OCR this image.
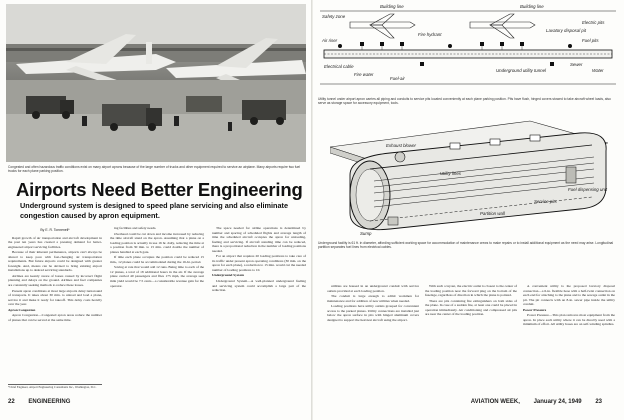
Congested and often hazardous traffic conditions exist on many airport aprons because of the large number of trucks and other equipment required to service an airplane. Many airports require two fuel trucks for each plane parking position.
Airports Need Better Engineering
Underground system is designed to speed plane servicing and also eliminate congestion caused by apron equipment.

By E. R. Tonnenell*

Rapid growth of air transportation and aircraft development in the past ten years has created a pressing demand for better-engineered airport servicing facilities.

Because of their inherent permanence, airports can't always be altered to keep pace with fast-changing air transportation requirements. But future airports could be designed with greater foresight. And, means can be devised to bring existing airport installations up to desired servicing standards.

Airlines are keenly aware of losses caused by incorrect flight planning and delays on the ground. Airlines and fuel companies are constantly seeking methods to reduce these losses.

Present apron conditions at most large airports delay turnaround of transports. It takes about 30 min. to unload and load a plane, service it and make it ready for takeoff. This delay costs heavily over the year.

Apron Congestion

Apron Congestion—Congested apron areas reduce the number of planes that can be served at the same time.

*Chief Engineer, Airport Engineering Consultants Inc., Washington, D.C.

ing facilities and safety needs.

Overhead could be cut down and income increased by reducing the time aircraft stand on the apron. Assuming that a plane on a loading position is actually in use 16 hr. daily, reducing the time at a position from 30 min. to 15 min. could double the number of planes handled at each gate.

If time each plane occupies the position could be reduced 15 min., 12 planes could be accommodated during the 16-hr. period.

Saving at rate that would add 12 runs. Being time to each of the 12 planes, a total of 18 additional hours in the air. If the average plane carried 40 passengers and flies 175 mph, the average seat mile yield would be 7.5 cents—a considerable revenue gain for the operator.

The space needed for airline operations is determined by number and spacing of scheduled flights and average length of time the scheduled aircraft occupies the apron for unloading, fueling and servicing. If aircraft standing time can be reduced, there is a proportional reduction in the number of loading positions needed.

For an airport that requires 20 loading positions to take care of its traffic under present apron operating conditions (30 min. on the apron for each plane), a reduction to 15 min. would cut the needed number of loading positions to 10.

Underground System

Underground System—A well-planned underground fueling and servicing system could accomplish a large part of the reduction.

22 ENGINEERING
Building line	Building line
Safety zone
Fire hydrant
Lavatory disposal pit
Electric pits
Fuel pits
Air riser
Sewer
Water
Underground utility tunnel
Electrical cable
Fire water
Fuel-air
Utility tunnel under airport apron carries all piping and conduits to service pits located conveniently at each plane parking position. Pits have flush, hinged covers stowed to take aircraft wheel loads, also serve as storage space for accessory equipment, tools.
Exhaust blower
Utility lines
Sump
Partition wall
Service pits
Fuel dispensing unit
Underground facility is 61 ft. in diameter, affording sufficient working space for accommodation of maintenance crews to make repairs or to install additional equipment as the need may arise. Longitudinal partition separates fuel lines from electrical cables.

utilities are housed in an underground conduit with service outlets provided at each loading position.

The conduit is large enough to admit workmen for maintenance and for addition of new utilities when needed.

Loading positions have utility outlets grouped for convenient access to the parked planes. Utility connections are installed just below the apron surface in pits with hinged aluminum covers designed to support the heaviest aircraft using the airport.

With such a layout, the electric outlet is closest to the center of the loading position near the forward plug on the bottom of the fuselage, regardless of direction in which the plane is pointed.

There are pits containing fire extinguishers on both sides of the plane. In case of a sudden fire, at least one could be placed in operation immediately. Air conditioning and compressed air pits are near the center of the loading position.

A convenient utility is the proposed lavatory disposal connection—a 6-in. flexible hose with a half-twist connection on each end for attaching to the plane and to the sewage outlet in the pit. The pit connects with an 8-in. sewer pipe inside the utility conduit.

Power Pressure

Power Pressure—This plan removes most equipment from the apron. In place each utility where it can be directly used with a minimum of effort. All utility hoses are on self-winding spindles.

AVIATION WEEK, January 24, 1949 23
